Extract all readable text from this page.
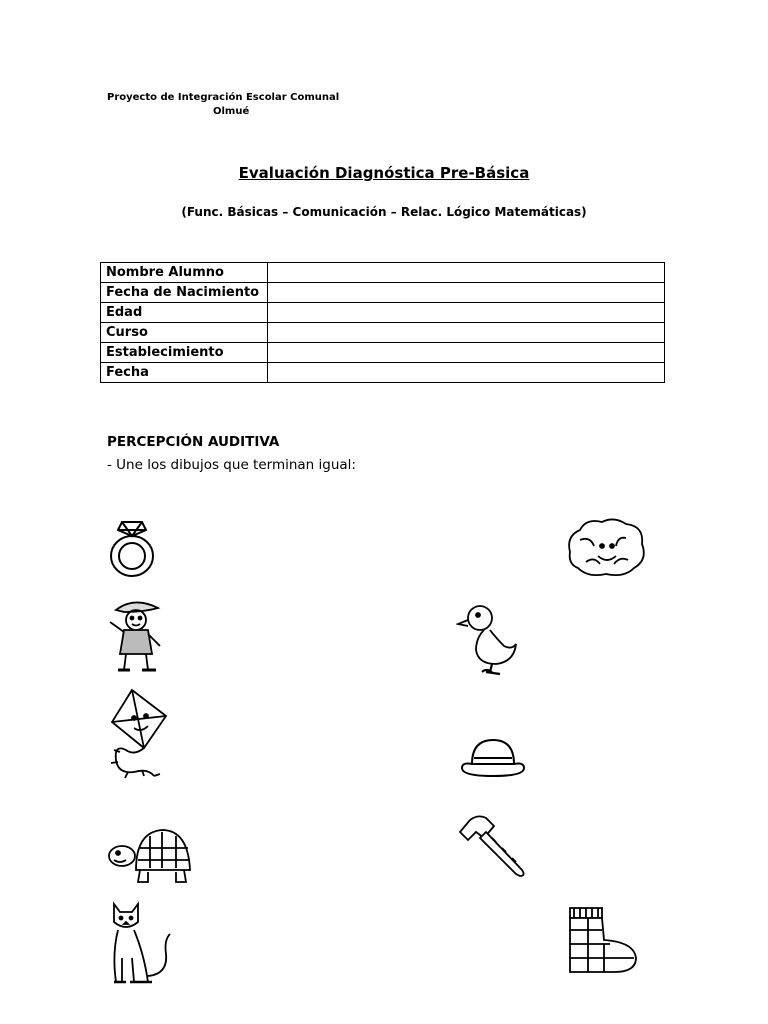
Proyecto de Integración Escolar Comunal
Olmué
Evaluación Diagnóstica Pre-Básica
(Func. Básicas – Comunicación – Relac. Lógico Matemáticas)
Nombre Alumno	
Fecha de Nacimiento	
Edad	
Curso	
Establecimiento	
Fecha	
PERCEPCIÓN AUDITIVA
- Une los dibujos que terminan igual:
